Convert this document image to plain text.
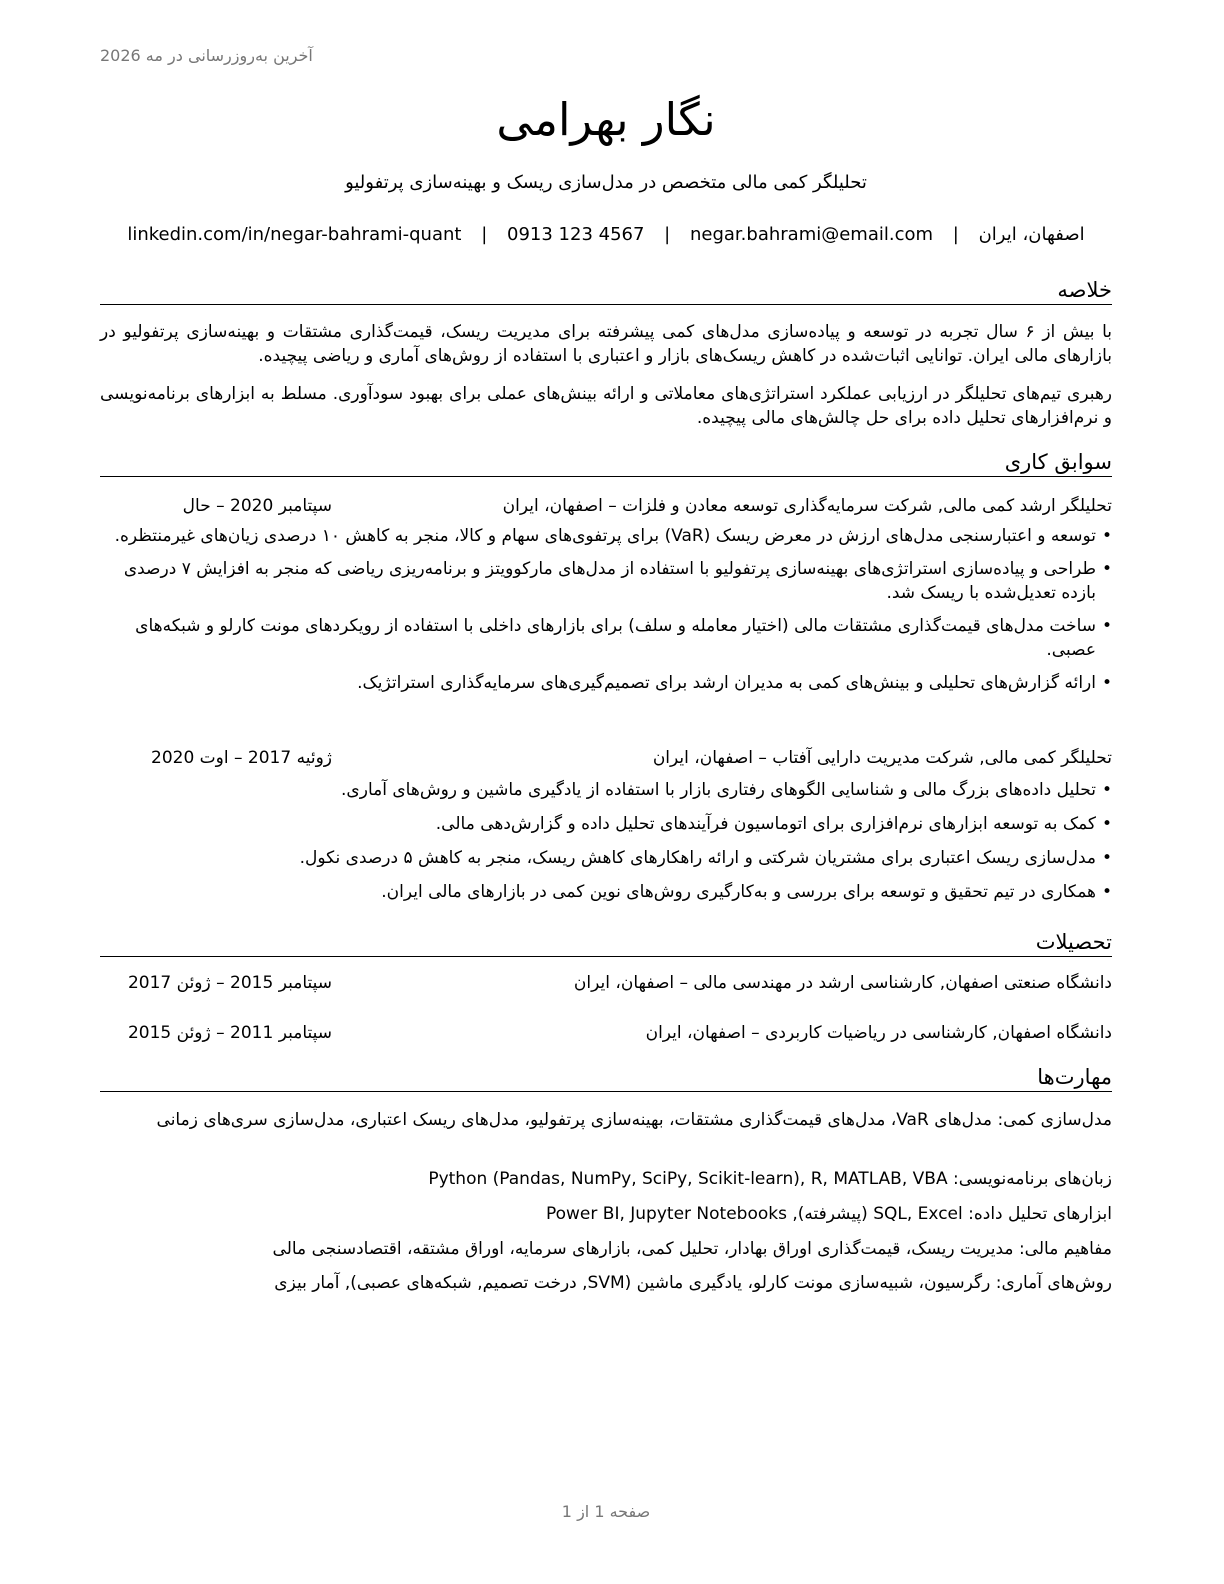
آخرین به‌روزرسانی در مه 2026
نگار بهرامی
تحلیلگر کمی مالی متخصص در مدل‌سازی ریسک و بهینه‌سازی پرتفولیو
اصفهان، ایران | negar.bahrami@email.com | 0913 123 4567 | linkedin.com/in/negar-bahrami-quant
خلاصه

با بیش از ۶ سال تجربه در توسعه و پیاده‌سازی مدل‌های کمی پیشرفته برای مدیریت ریسک، قیمت‌گذاری مشتقات و بهینه‌سازی پرتفولیو در بازارهای مالی ایران. توانایی اثبات‌شده در کاهش ریسک‌های بازار و اعتباری با استفاده از روش‌های آماری و ریاضی پیچیده.

رهبری تیم‌های تحلیلگر در ارزیابی عملکرد استراتژی‌های معاملاتی و ارائه بینش‌های عملی برای بهبود سودآوری. مسلط به ابزارهای برنامه‌نویسی و نرم‌افزارهای تحلیل داده برای حل چالش‌های مالی پیچیده.

سوابق کاری
تحلیلگر ارشد کمی مالی, شرکت سرمایه‌گذاری توسعه معادن و فلزات – اصفهان، ایران
سپتامبر 2020 – حال
• توسعه و اعتبارسنجی مدل‌های ارزش در معرض ریسک (VaR) برای پرتفوی‌های سهام و کالا، منجر به کاهش ۱۰ درصدی زیان‌های غیرمنتظره.
• طراحی و پیاده‌سازی استراتژی‌های بهینه‌سازی پرتفولیو با استفاده از مدل‌های مارکوویتز و برنامه‌ریزی ریاضی که منجر به افزایش ۷ درصدی بازده تعدیل‌شده با ریسک شد.
• ساخت مدل‌های قیمت‌گذاری مشتقات مالی (اختیار معامله و سلف) برای بازارهای داخلی با استفاده از رویکردهای مونت کارلو و شبکه‌های عصبی.
• ارائه گزارش‌های تحلیلی و بینش‌های کمی به مدیران ارشد برای تصمیم‌گیری‌های سرمایه‌گذاری استراتژیک.
تحلیلگر کمی مالی, شرکت مدیریت دارایی آفتاب – اصفهان، ایران
ژوئیه 2017 – اوت 2020
• تحلیل داده‌های بزرگ مالی و شناسایی الگوهای رفتاری بازار با استفاده از یادگیری ماشین و روش‌های آماری.
• کمک به توسعه ابزارهای نرم‌افزاری برای اتوماسیون فرآیندهای تحلیل داده و گزارش‌دهی مالی.
• مدل‌سازی ریسک اعتباری برای مشتریان شرکتی و ارائه راهکارهای کاهش ریسک، منجر به کاهش ۵ درصدی نکول.
• همکاری در تیم تحقیق و توسعه برای بررسی و به‌کارگیری روش‌های نوین کمی در بازارهای مالی ایران.
تحصیلات
دانشگاه صنعتی اصفهان, کارشناسی ارشد در مهندسی مالی – اصفهان، ایران
سپتامبر 2015 – ژوئن 2017
دانشگاه اصفهان, کارشناسی در ریاضیات کاربردی – اصفهان، ایران
سپتامبر 2011 – ژوئن 2015
مهارت‌ها
مدل‌سازی کمی: مدل‌های VaR، مدل‌های قیمت‌گذاری مشتقات، بهینه‌سازی پرتفولیو، مدل‌های ریسک اعتباری، مدل‌سازی سری‌های زمانی
زبان‌های برنامه‌نویسی: Python (Pandas, NumPy, SciPy, Scikit-learn), R, MATLAB, VBA
ابزارهای تحلیل داده: SQL, Excel (پیشرفته), Power BI, Jupyter Notebooks
مفاهیم مالی: مدیریت ریسک، قیمت‌گذاری اوراق بهادار، تحلیل کمی، بازارهای سرمایه، اوراق مشتقه، اقتصادسنجی مالی
روش‌های آماری: رگرسیون، شبیه‌سازی مونت کارلو، یادگیری ماشین (SVM, درخت تصمیم, شبکه‌های عصبی), آمار بیزی
صفحه 1 از 1
